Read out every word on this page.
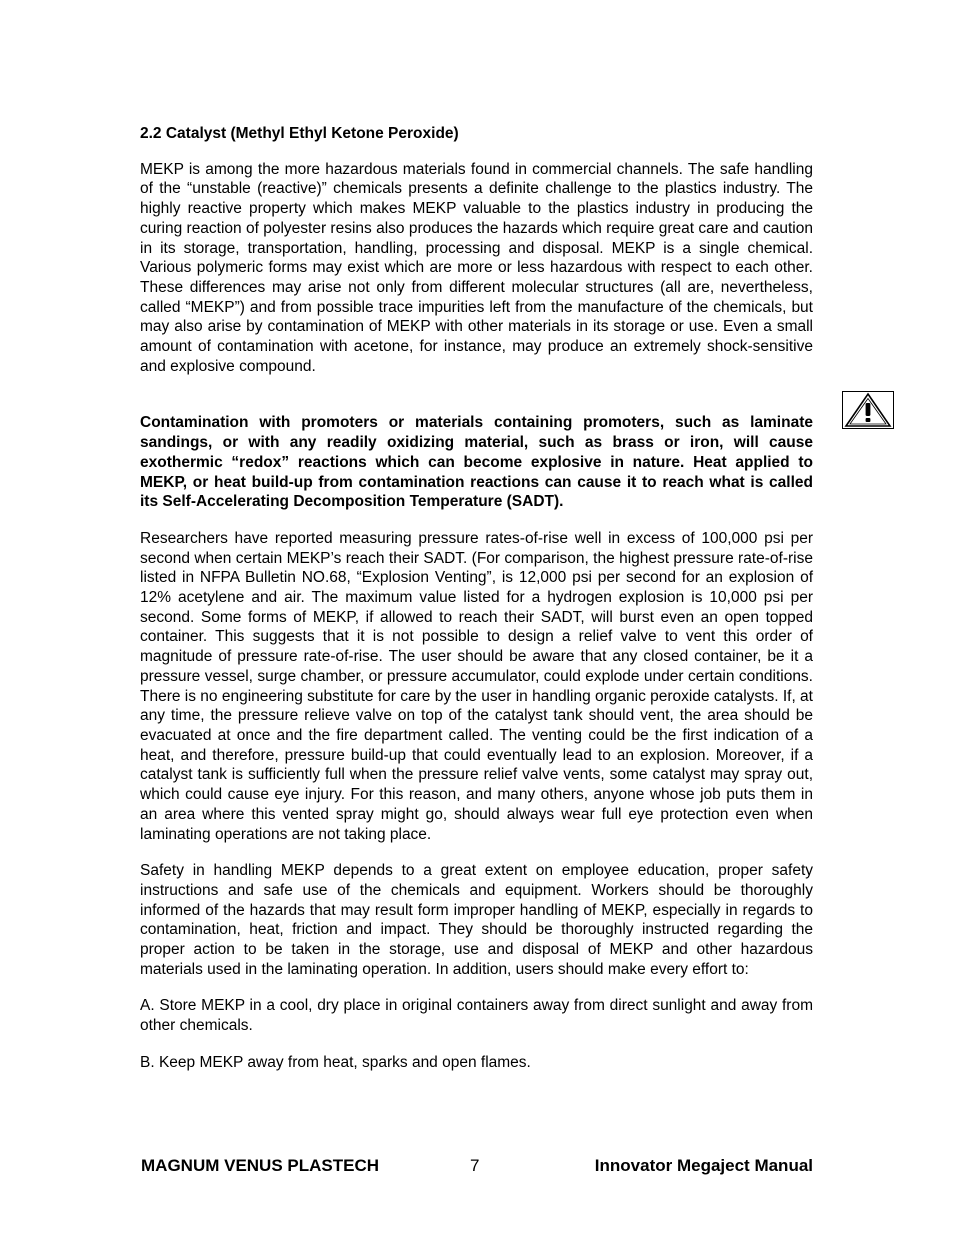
2.2 Catalyst (Methyl Ethyl Ketone Peroxide)

MEKP is among the more hazardous materials found in commercial channels. The safe handling of the “unstable (reactive)” chemicals presents a definite challenge to the plastics industry. The highly reactive property which makes MEKP valuable to the plastics industry in producing the curing reaction of polyester resins also produces the hazards which require great care and caution in its storage, transportation, handling, processing and disposal. MEKP is a single chemical. Various polymeric forms may exist which are more or less hazardous with respect to each other. These differences may arise not only from different molecular structures (all are, nevertheless, called “MEKP”) and from possible trace impurities left from the manufacture of the chemicals, but may also arise by contamination of MEKP with other materials in its storage or use. Even a small amount of contamination with acetone, for instance, may produce an extremely shock-sensitive and explosive compound.

Contamination with promoters or materials containing promoters, such as laminate sandings, or with any readily oxidizing material, such as brass or iron, will cause exothermic “redox” reactions which can become explosive in nature. Heat applied to MEKP, or heat build-up from contamination reactions can cause it to reach what is called its Self-Accelerating Decomposition Temperature (SADT).

Researchers have reported measuring pressure rates-of-rise well in excess of 100,000 psi per second when certain MEKP’s reach their SADT. (For comparison, the highest pressure rate-of-rise listed in NFPA Bulletin NO.68, “Explosion Venting”, is 12,000 psi per second for an explosion of 12% acetylene and air. The maximum value listed for a hydrogen explosion is 10,000 psi per second. Some forms of MEKP, if allowed to reach their SADT, will burst even an open topped container. This suggests that it is not possible to design a relief valve to vent this order of magnitude of pressure rate-of-rise. The user should be aware that any closed container, be it a pressure vessel, surge chamber, or pressure accumulator, could explode under certain conditions. There is no engineering substitute for care by the user in handling organic peroxide catalysts. If, at any time, the pressure relieve valve on top of the catalyst tank should vent, the area should be evacuated at once and the fire department called. The venting could be the first indication of a heat, and therefore, pressure build-up that could eventually lead to an explosion. Moreover, if a catalyst tank is sufficiently full when the pressure relief valve vents, some catalyst may spray out, which could cause eye injury. For this reason, and many others, anyone whose job puts them in an area where this vented spray might go, should always wear full eye protection even when laminating operations are not taking place.

Safety in handling MEKP depends to a great extent on employee education, proper safety instructions and safe use of the chemicals and equipment. Workers should be thoroughly informed of the hazards that may result form improper handling of MEKP, especially in regards to contamination, heat, friction and impact. They should be thoroughly instructed regarding the proper action to be taken in the storage, use and disposal of MEKP and other hazardous materials used in the laminating operation. In addition, users should make every effort to:

A. Store MEKP in a cool, dry place in original containers away from direct sunlight and away from other chemicals.

B. Keep MEKP away from heat, sparks and open flames.

MAGNUM VENUS PLASTECH	7	Innovator Megaject Manual
